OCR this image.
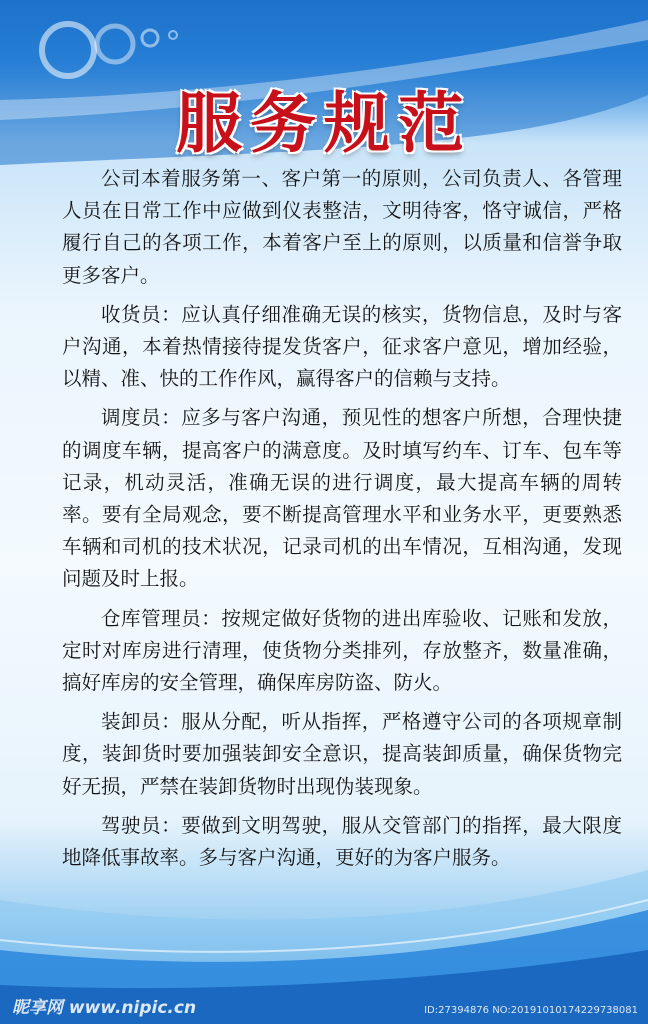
服务规范

公司本着服务第一、客户第一的原则，公司负责人、各管理人员在日常工作中应做到仪表整洁，文明待客，恪守诚信，严格履行自己的各项工作，本着客户至上的原则，以质量和信誉争取更多客户。

收货员：应认真仔细准确无误的核实，货物信息，及时与客户沟通，本着热情接待提发货客户，征求客户意见，增加经验，以精、准、快的工作作风，赢得客户的信赖与支持。

调度员：应多与客户沟通，预见性的想客户所想，合理快捷的调度车辆，提高客户的满意度。及时填写约车、订车、包车等记录，机动灵活，准确无误的进行调度，最大提高车辆的周转率。要有全局观念，要不断提高管理水平和业务水平，更要熟悉车辆和司机的技术状况，记录司机的出车情况，互相沟通，发现问题及时上报。

仓库管理员：按规定做好货物的进出库验收、记账和发放，定时对库房进行清理，使货物分类排列，存放整齐，数量准确，搞好库房的安全管理，确保库房防盗、防火。

装卸员：服从分配，听从指挥，严格遵守公司的各项规章制度，装卸货时要加强装卸安全意识，提高装卸质量，确保货物完好无损，严禁在装卸货物时出现伪装现象。

驾驶员：要做到文明驾驶，服从交管部门的指挥，最大限度地降低事故率。多与客户沟通，更好的为客户服务。

昵享网 www.nipic.cn	ID:27394876 NO:20191010174229738081
